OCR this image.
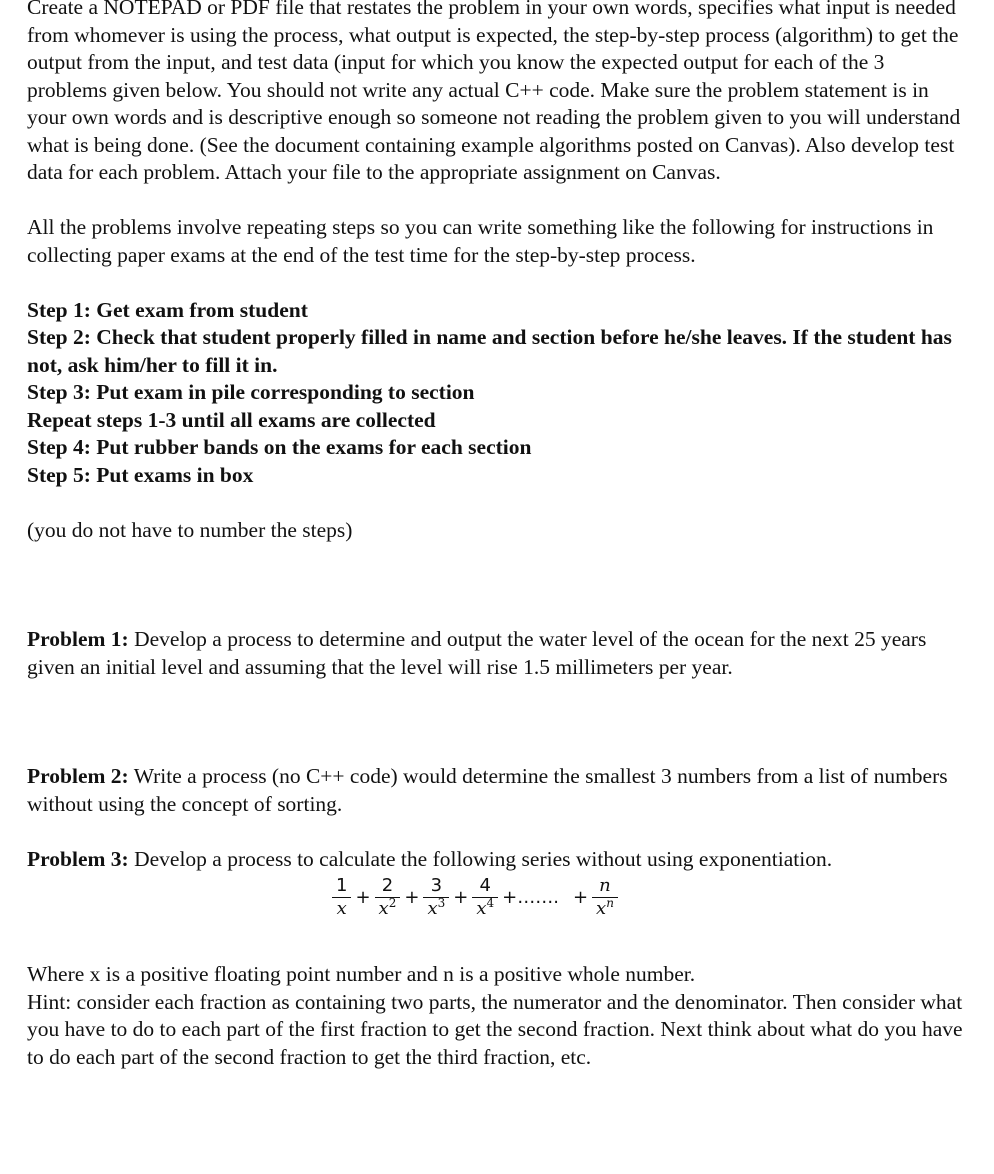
Create a NOTEPAD or PDF file that restates the problem in your own words, specifies what input is needed from whomever is using the process, what output is expected, the step-by-step process (algorithm) to get the output from the input, and test data (input for which you know the expected output for each of the 3 problems given below. You should not write any actual C++ code. Make sure the problem statement is in your own words and is descriptive enough so someone not reading the problem given to you will understand what is being done. (See the document containing example algorithms posted on Canvas). Also develop test data for each problem. Attach your file to the appropriate assignment on Canvas.

All the problems involve repeating steps so you can write something like the following for instructions in collecting paper exams at the end of the test time for the step-by-step process.

Step 1: Get exam from student

Step 2: Check that student properly filled in name and section before he/she leaves. If the student has not, ask him/her to fill it in.

Step 3: Put exam in pile corresponding to section

Repeat steps 1-3 until all exams are collected

Step 4: Put rubber bands on the exams for each section

Step 5: Put exams in box

(you do not have to number the steps)

Problem 1: Develop a process to determine and output the water level of the ocean for the next 25 years given an initial level and assuming that the level will rise 1.5 millimeters per year.

Problem 2: Write a process (no C++ code) would determine the smallest 3 numbers from a list of numbers without using the concept of sorting.

Problem 3: Develop a process to calculate the following series without using exponentiation.

$\frac{1}{x} + \frac{2}{x^2} + \frac{3}{x^3} + \frac{4}{x^4}$ +……. + $\frac{n}{x^n}$

Where x is a positive floating point number and n is a positive whole number.

Hint: consider each fraction as containing two parts, the numerator and the denominator. Then consider what you have to do to each part of the first fraction to get the second fraction. Next think about what do you have to do each part of the second fraction to get the third fraction, etc.
